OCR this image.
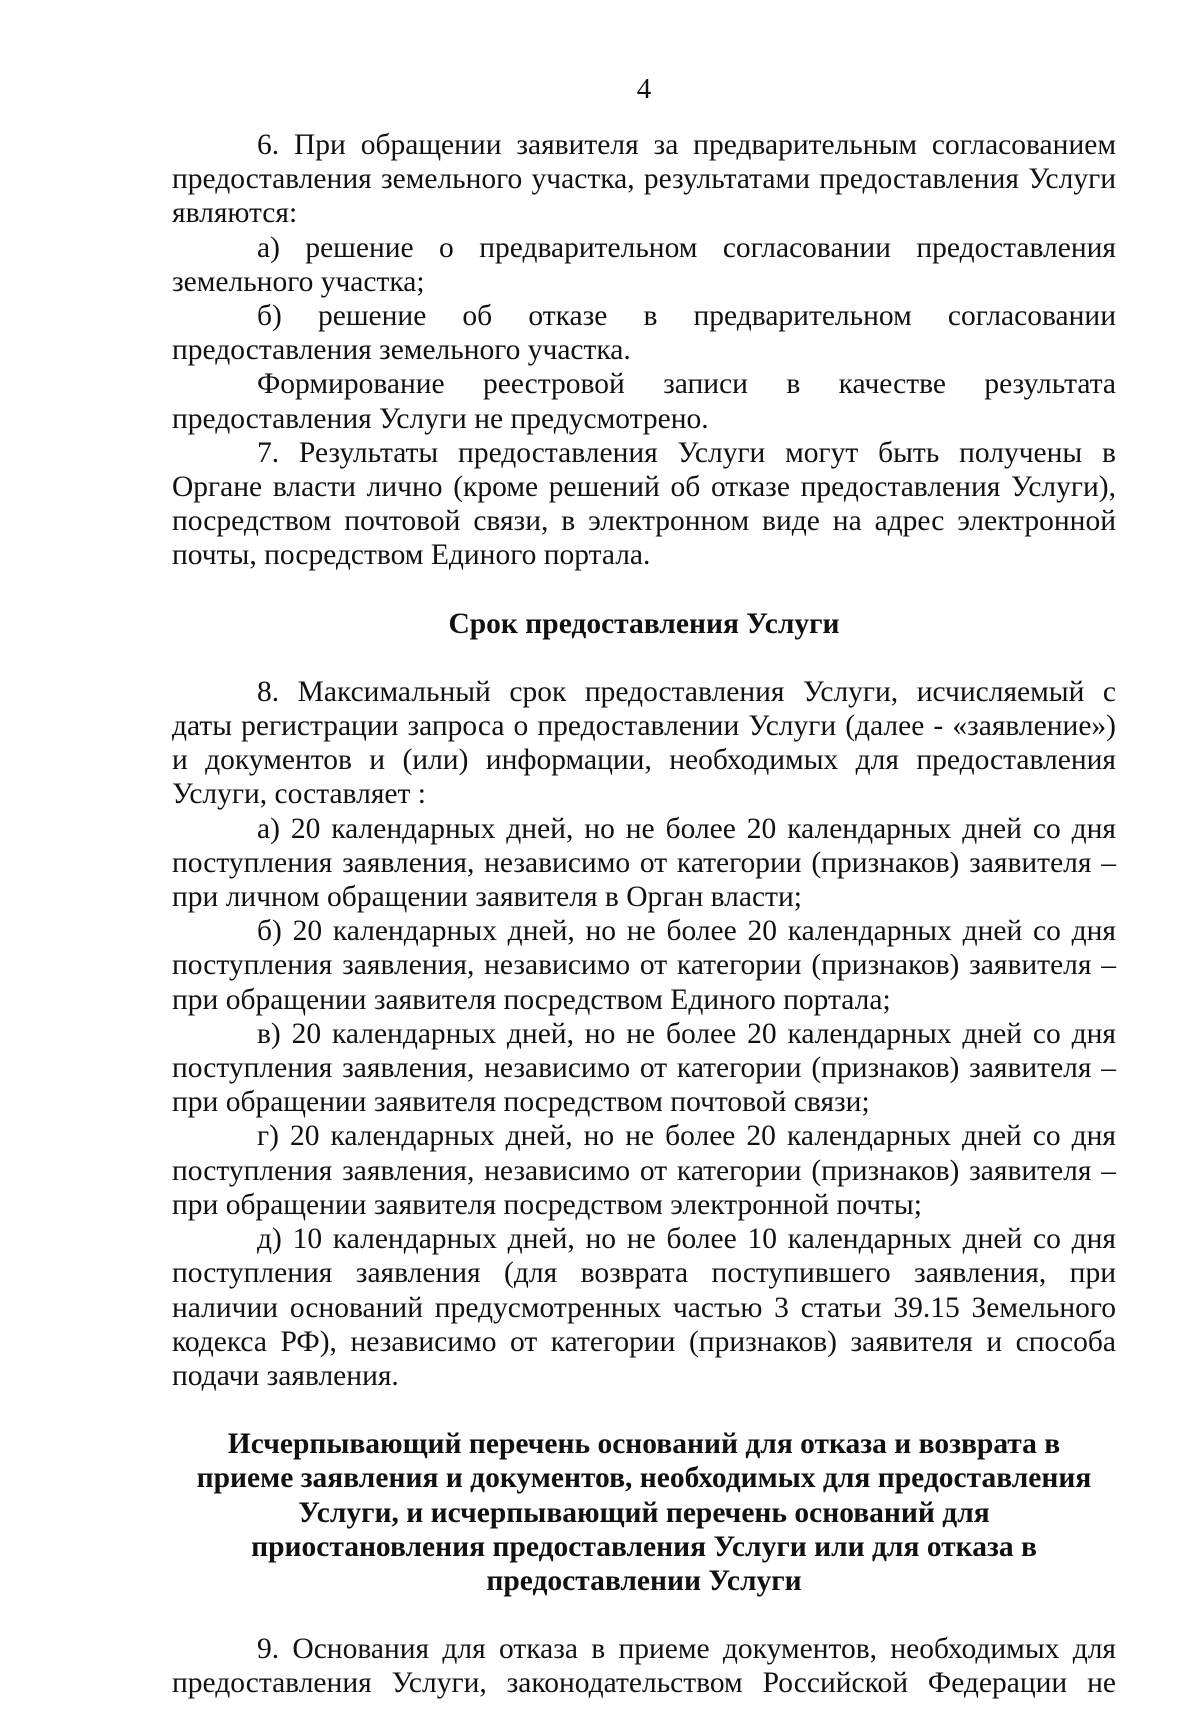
4

6. При обращении заявителя за предварительным согласованием предоставления земельного участка, результатами предоставления Услуги являются:

а) решение о предварительном согласовании предоставления земельного участка;

б) решение об отказе в предварительном согласовании предоставления земельного участка.

Формирование реестровой записи в качестве результата предоставления Услуги не предусмотрено.

7. Результаты предоставления Услуги могут быть получены в Органе власти лично (кроме решений об отказе предоставления Услуги), посредством почтовой связи, в электронном виде на адрес электронной почты, посредством Единого портала.

Срок предоставления Услуги

8. Максимальный срок предоставления Услуги, исчисляемый с даты регистрации запроса о предоставлении Услуги (далее - «заявление») и документов и (или) информации, необходимых для предоставления Услуги, составляет :

а) 20 календарных дней, но не более 20 календарных дней со дня поступления заявления, независимо от категории (признаков) заявителя – при личном обращении заявителя в Орган власти;

б) 20 календарных дней, но не более 20 календарных дней со дня поступления заявления, независимо от категории (признаков) заявителя – при обращении заявителя посредством Единого портала;

в) 20 календарных дней, но не более 20 календарных дней со дня поступления заявления, независимо от категории (признаков) заявителя – при обращении заявителя посредством почтовой связи;

г) 20 календарных дней, но не более 20 календарных дней со дня поступления заявления, независимо от категории (признаков) заявителя – при обращении заявителя посредством электронной почты;

д) 10 календарных дней, но не более 10 календарных дней со дня поступления заявления (для возврата поступившего заявления, при наличии оснований предусмотренных частью 3 статьи 39.15 Земельного кодекса РФ), независимо от категории (признаков) заявителя и способа подачи заявления.

Исчерпывающий перечень оснований для отказа и возврата в приеме заявления и документов, необходимых для предоставления Услуги, и исчерпывающий перечень оснований для приостановления предоставления Услуги или для отказа в предоставлении Услуги

9. Основания для отказа в приеме документов, необходимых для предоставления Услуги, законодательством Российской Федерации не
